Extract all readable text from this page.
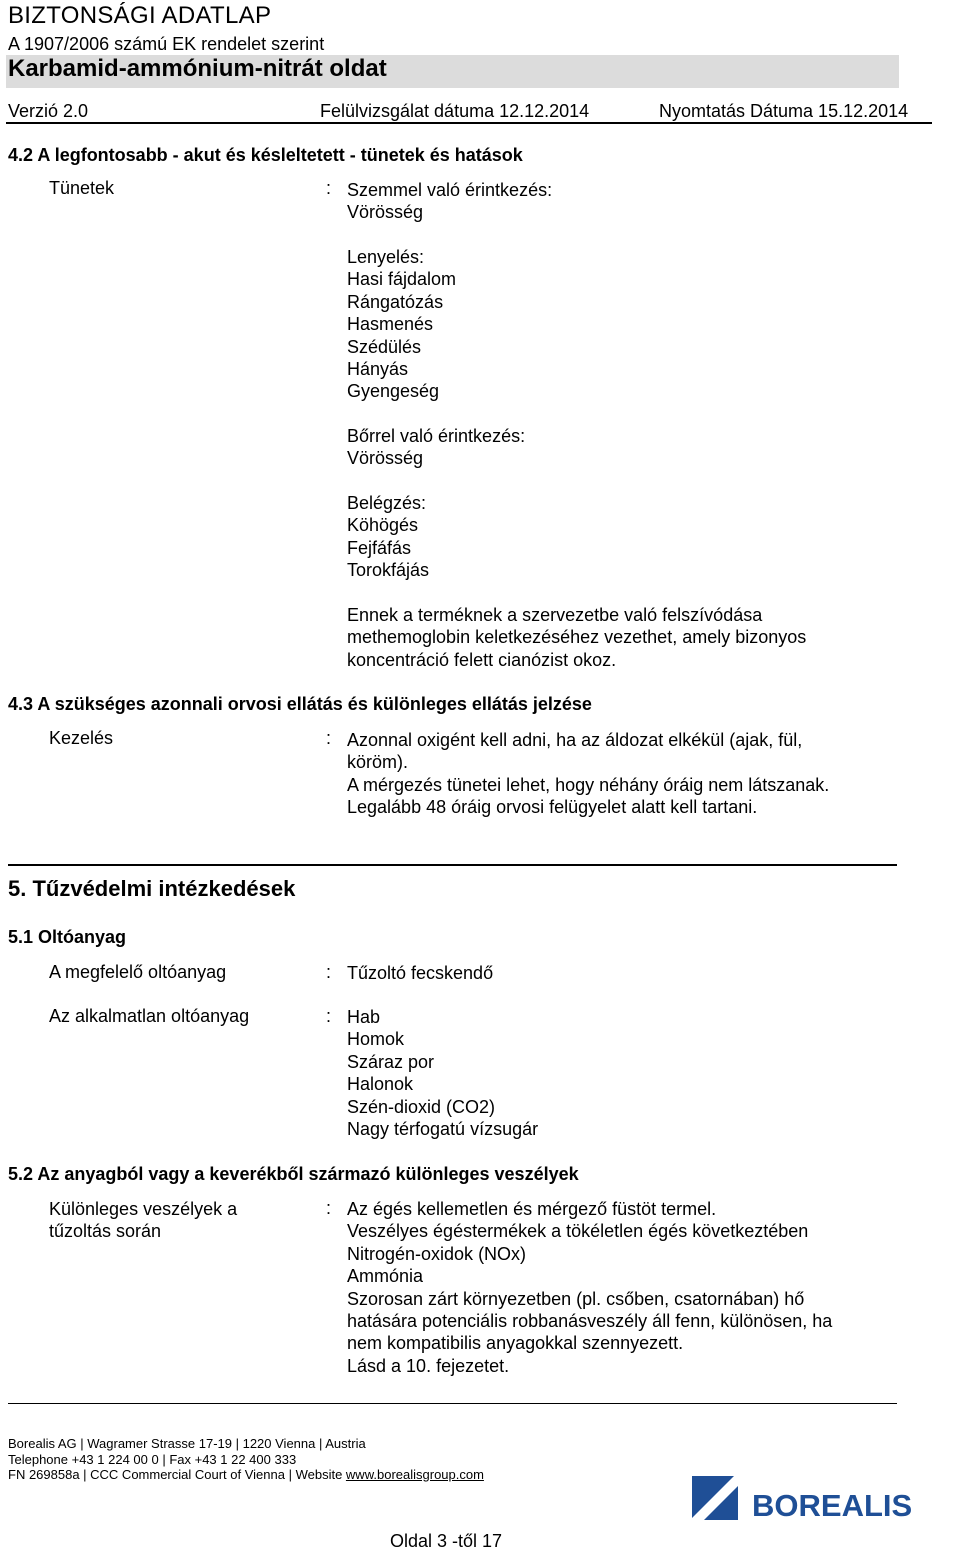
BIZTONSÁGI ADATLAP
A 1907/2006 számú EK rendelet szerint
Karbamid-ammónium-nitrát oldat
Verzió 2.0	Felülvizsgálat dátuma 12.12.2014	Nyomtatás Dátuma 15.12.2014
4.2 A legfontosabb - akut és késleltetett - tünetek és hatások
Tünetek	: Szemmel való érintkezés:
Vörösség
Lenyelés:
Hasi fájdalom
Rángatózás
Hasmenés
Szédülés
Hányás
Gyengeség
Bőrrel való érintkezés:
Vörösség
Belégzés:
Köhögés
Fejfáfás
Torokfájás
Ennek a terméknek a szervezetbe való felszívódása
methemoglobin keletkezéséhez vezethet, amely bizonyos
koncentráció felett cianózist okoz.
4.3 A szükséges azonnali orvosi ellátás és különleges ellátás jelzése
Kezelés	: Azonnal oxigént kell adni, ha az áldozat elkékül (ajak, fül,
köröm).
A mérgezés tünetei lehet, hogy néhány óráig nem látszanak.
Legalább 48 óráig orvosi felügyelet alatt kell tartani.
5. Tűzvédelmi intézkedések
5.1 Oltóanyag
A megfelelő oltóanyag	: Tűzoltó fecskendő
Az alkalmatlan oltóanyag	: Hab
Homok
Száraz por
Halonok
Szén-dioxid (CO2)
Nagy térfogatú vízsugár
5.2 Az anyagból vagy a keverékből származó különleges veszélyek
Különleges veszélyek a
tűzoltás során
: Az égés kellemetlen és mérgező füstöt termel.
Veszélyes égéstermékek a tökéletlen égés következtében
Nitrogén-oxidok (NOx)
Ammónia
Szorosan zárt környezetben (pl. csőben, csatornában) hő
hatására potenciális robbanásveszély áll fenn, különösen, ha
nem kompatibilis anyagokkal szennyezett.
Lásd a 10. fejezetet.
Borealis AG | Wagramer Strasse 17-19 | 1220 Vienna | Austria
Telephone +43 1 224 00 0 | Fax +43 1 22 400 333
FN 269858a | CCC Commercial Court of Vienna | Website www.borealisgroup.com
BOREALIS
Oldal 3 -től 17
